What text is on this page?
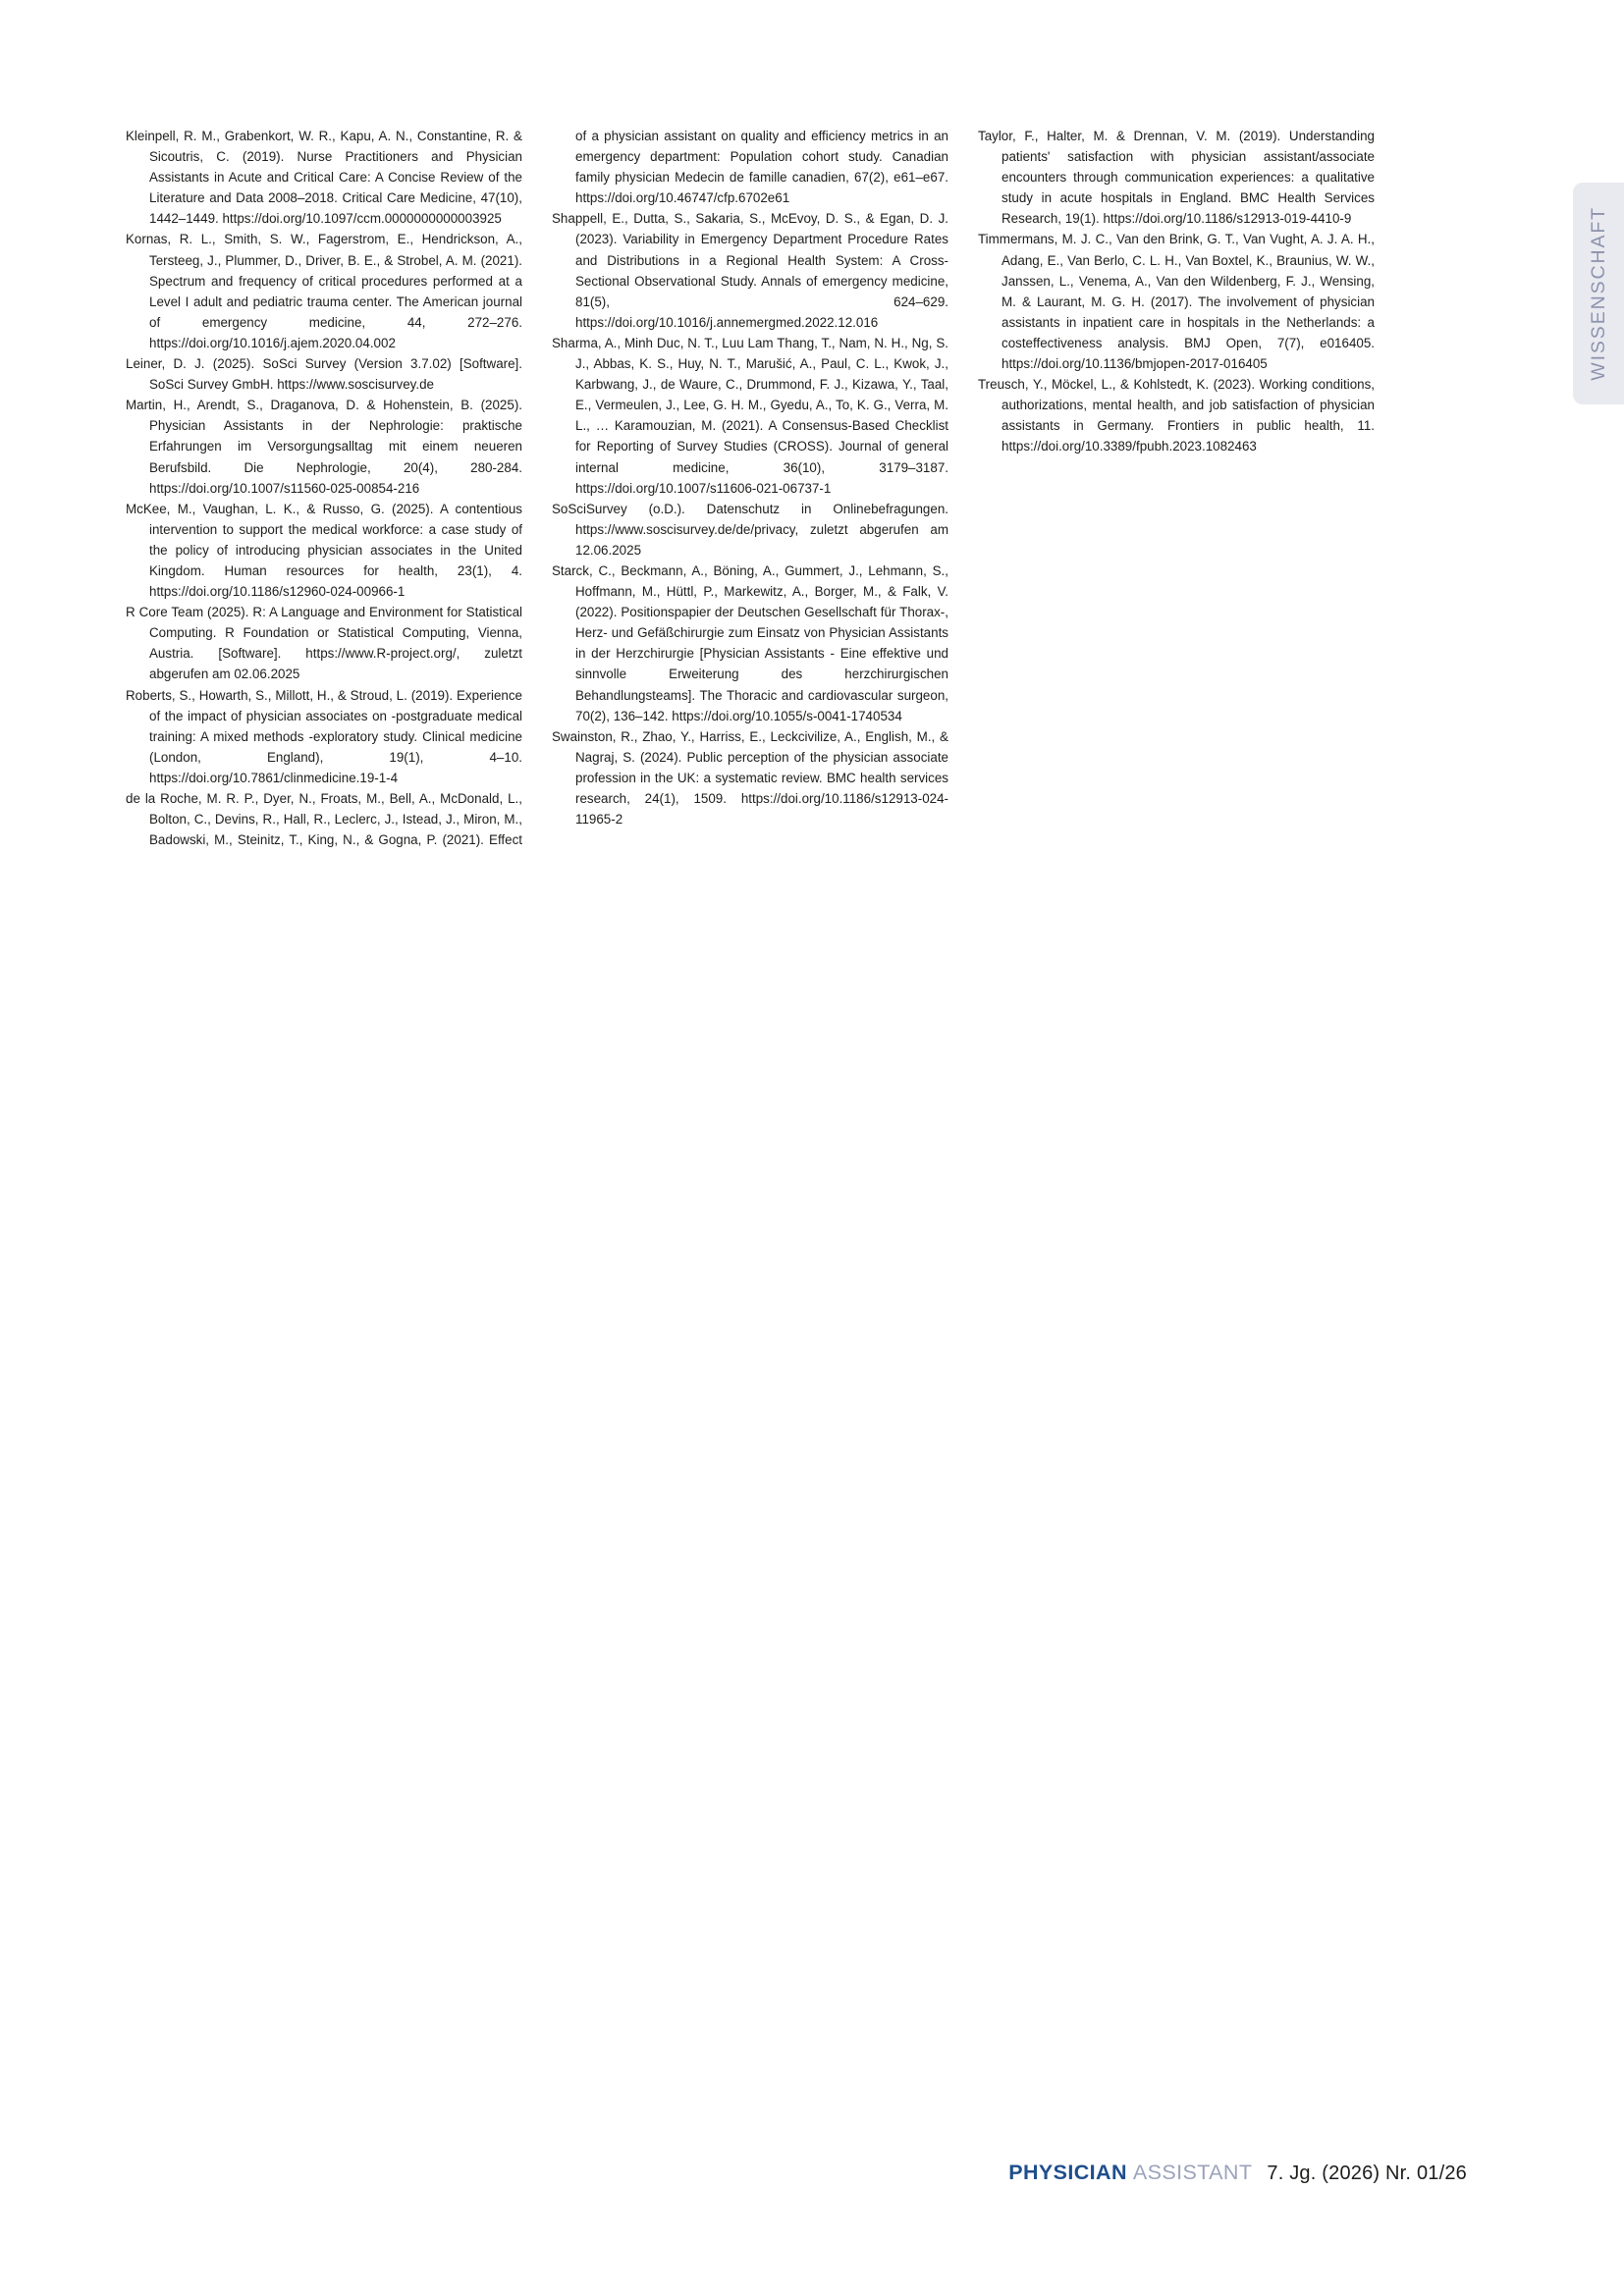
WISSENSCHAFT

Kleinpell, R. M., Grabenkort, W. R., Kapu, A. N., Constantine, R. & Sicoutris, C. (2019). Nurse Practitioners and Physician Assistants in Acute and Critical Care: A Concise Review of the Literature and Data 2008–2018. Critical Care Medicine, 47(10), 1442–1449. https://doi.org/10.1097/ccm.0000000000003925

Kornas, R. L., Smith, S. W., Fagerstrom, E., Hendrickson, A., Tersteeg, J., Plummer, D., Driver, B. E., & Strobel, A. M. (2021). Spectrum and frequency of critical procedures performed at a Level I adult and pediatric trauma center. The American journal of emergency medicine, 44, 272–276. https://doi.org/10.1016/j.ajem.2020.04.002

Leiner, D. J. (2025). SoSci Survey (Version 3.7.02) [Software]. SoSci Survey GmbH. https://www.soscisurvey.de

Martin, H., Arendt, S., Draganova, D. & Hohenstein, B. (2025). Physician Assistants in der Nephrologie: praktische Erfahrungen im Versorgungsalltag mit einem neueren Berufsbild. Die Nephrologie, 20(4), 280-284. https://doi.org/10.1007/s11560-025-00854-216

McKee, M., Vaughan, L. K., & Russo, G. (2025). A contentious intervention to support the medical workforce: a case study of the policy of introducing physician associates in the United Kingdom. Human resources for health, 23(1), 4. https://doi.org/10.1186/s12960-024-00966-1

R Core Team (2025). R: A Language and Environment for Statistical Computing. R Foundation or Statistical Computing, Vienna, Austria. [Software]. https://www.R-project.org/, zuletzt abgerufen am 02.06.2025

Roberts, S., Howarth, S., Millott, H., & Stroud, L. (2019). Experience of the impact of physician associates on -postgraduate medical training: A mixed methods -exploratory study. Clinical medicine (London, England), 19(1), 4–10. https://doi.org/10.7861/clinmedicine.19-1-4

de la Roche, M. R. P., Dyer, N., Froats, M., Bell, A., McDonald, L., Bolton, C., Devins, R., Hall, R., Leclerc, J., Istead, J., Miron, M., Badowski, M., Steinitz, T., King, N., & Gogna, P. (2021). Effect of a physician assistant on quality and efficiency metrics in an emergency department: Population cohort study. Canadian family physician Medecin de famille canadien, 67(2), e61–e67. https://doi.org/10.46747/cfp.6702e61

Shappell, E., Dutta, S., Sakaria, S., McEvoy, D. S., & Egan, D. J. (2023). Variability in Emergency Department Procedure Rates and Distributions in a Regional Health System: A Cross-Sectional Observational Study. Annals of emergency medicine, 81(5), 624–629. https://doi.org/10.1016/j.annemergmed.2022.12.016

Sharma, A., Minh Duc, N. T., Luu Lam Thang, T., Nam, N. H., Ng, S. J., Abbas, K. S., Huy, N. T., Marušić, A., Paul, C. L., Kwok, J., Karbwang, J., de Waure, C., Drummond, F. J., Kizawa, Y., Taal, E., Vermeulen, J., Lee, G. H. M., Gyedu, A., To, K. G., Verra, M. L., … Karamouzian, M. (2021). A Consensus-Based Checklist for Reporting of Survey Studies (CROSS). Journal of general internal medicine, 36(10), 3179–3187. https://doi.org/10.1007/s11606-021-06737-1

SoSciSurvey (o.D.). Datenschutz in Onlinebefragungen. https://www.soscisurvey.de/de/privacy, zuletzt abgerufen am 12.06.2025

Starck, C., Beckmann, A., Böning, A., Gummert, J., Lehmann, S., Hoffmann, M., Hüttl, P., Markewitz, A., Borger, M., & Falk, V. (2022). Positionspapier der Deutschen Gesellschaft für Thorax-, Herz- und Gefäßchirurgie zum Einsatz von Physician Assistants in der Herzchirurgie [Physician Assistants - Eine effektive und sinnvolle Erweiterung des herzchirurgischen Behandlungsteams]. The Thoracic and cardiovascular surgeon, 70(2), 136–142. https://doi.org/10.1055/s-0041-1740534

Swainston, R., Zhao, Y., Harriss, E., Leckcivilize, A., English, M., & Nagraj, S. (2024). Public perception of the physician associate profession in the UK: a systematic review. BMC health services research, 24(1), 1509. https://doi.org/10.1186/s12913-024-11965-2

Taylor, F., Halter, M. & Drennan, V. M. (2019). Understanding patients' satisfaction with physician assistant/associate encounters through communication experiences: a qualitative study in acute hospitals in England. BMC Health Services Research, 19(1). https://doi.org/10.1186/s12913-019-4410-9

Timmermans, M. J. C., Van den Brink, G. T., Van Vught, A. J. A. H., Adang, E., Van Berlo, C. L. H., Van Boxtel, K., Braunius, W. W., Janssen, L., Venema, A., Van den Wildenberg, F. J., Wensing, M. & Laurant, M. G. H. (2017). The involvement of physician assistants in inpatient care in hospitals in the Netherlands: a costeffectiveness analysis. BMJ Open, 7(7), e016405. https://doi.org/10.1136/bmjopen-2017-016405

Treusch, Y., Möckel, L., & Kohlstedt, K. (2023). Working conditions, authorizations, mental health, and job satisfaction of physician assistants in Germany. Frontiers in public health, 11. https://doi.org/10.3389/fpubh.2023.1082463

PHYSICIAN ASSISTANT 7. Jg. (2026) Nr. 01/26
